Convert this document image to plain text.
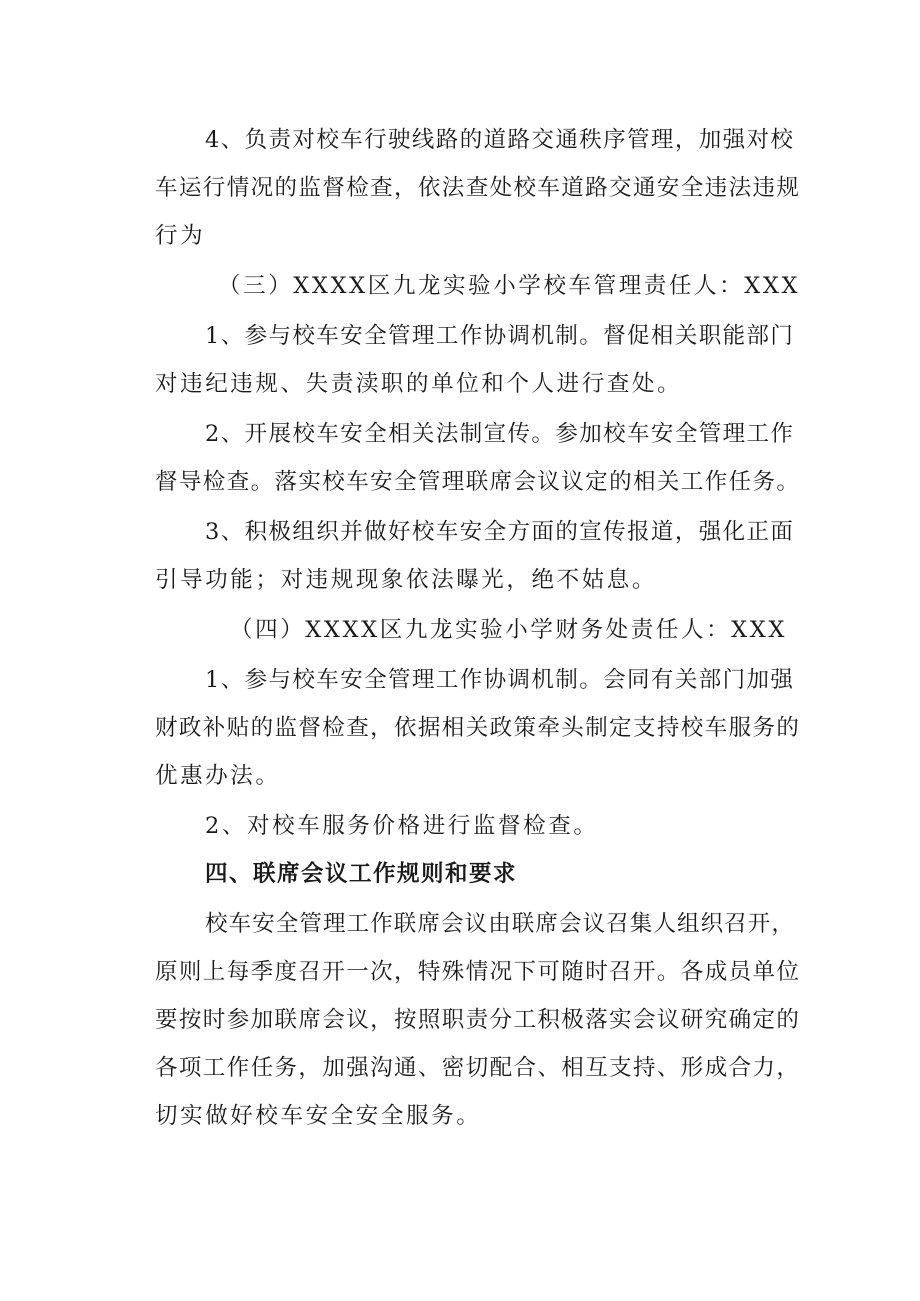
4、负责对校车行驶线路的道路交通秩序管理，加强对校
车运行情况的监督检查，依法查处校车道路交通安全违法违规
行为
（三）XXXX区九龙实验小学校车管理责任人：XXX
1、参与校车安全管理工作协调机制。督促相关职能部门
对违纪违规、失责渎职的单位和个人进行查处。
2、开展校车安全相关法制宣传。参加校车安全管理工作
督导检查。落实校车安全管理联席会议议定的相关工作任务。
3、积极组织并做好校车安全方面的宣传报道，强化正面
引导功能；对违规现象依法曝光，绝不姑息。
（四）XXXX区九龙实验小学财务处责任人：XXX
1、参与校车安全管理工作协调机制。会同有关部门加强
财政补贴的监督检查，依据相关政策牵头制定支持校车服务的
优惠办法。
2、对校车服务价格进行监督检查。
四、联席会议工作规则和要求
校车安全管理工作联席会议由联席会议召集人组织召开，
原则上每季度召开一次，特殊情况下可随时召开。各成员单位
要按时参加联席会议，按照职责分工积极落实会议研究确定的
各项工作任务，加强沟通、密切配合、相互支持、形成合力，
切实做好校车安全安全服务。
